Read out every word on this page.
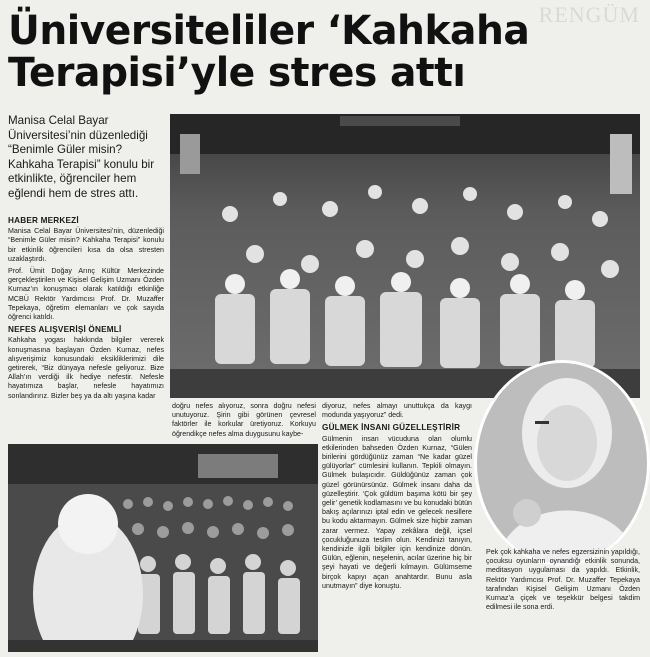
RENGÜM
Üniversiteliler ‘Kahkaha
Terapisi’yle stres attı

Manisa Celal Bayar Üniversitesi’nin düzenlediği “Benimle Güler misin? Kahkaha Terapisi” konulu bir etkinlikte, öğrenciler hem eğlendi hem de stres attı.

HABER MERKEZİ

Manisa Celal Bayar Üniversitesi’nin, düzenlediği “Benimle Güler misin? Kahkaha Terapisi” konulu bir etkinlik öğrencileri kısa da olsa stresten uzaklaştırdı.

Prof. Ümit Doğay Arınç Kültür Merkezinde gerçekleştirilen ve Kişisel Gelişim Uzmanı Özden Kurnaz’ın konuşmacı olarak katıldığı etkinliğe MCBÜ Rektör Yardımcısı Prof. Dr. Muzaffer Tepekaya, öğretim elemanları ve çok sayıda öğrenci katıldı.

NEFES ALIŞVERİŞİ ÖNEMLİ

Kahkaha yogası hakkında bilgiler vererek konuşmasına başlayan Özden Kurnaz, nefes alışverişimiz konusundaki eksikliklerimizi dile getirerek, “Biz dünyaya nefesle geliyoruz. Bize Allah’ın verdiği ilk hediye nefestir. Nefesle hayatımıza başlar, nefesle hayatımızı sonlandırırız. Bizler beş ya da altı yaşına kadar

doğru nefes alıyoruz, sonra doğru nefesi unutuyoruz. Şirin gibi görünen çevresel faktörler ile korkular üretiyoruz. Korkuyu öğrendikçe nefes alma duygusunu kaybe-

diyoruz, nefes almayı unuttukça da kaygı modunda yaşıyoruz” dedi.

GÜLMEK İNSANI GÜZELLEŞTİRİR

Gülmenin insan vücuduna olan olumlu etkilerinden bahseden Özden Kurnaz, “Gülen birilerini gördüğünüz zaman “Ne kadar güzel gülüyorlar” cümlesini kullanın. Tepkili olmayın. Gülmek bulaşıcıdır. Güldüğünüz zaman çok güzel görünürsünüz. Gülmek insanı daha da güzelleştirir. ‘Çok güldüm başıma kötü bir şey gelir’ genetik kodlamasını ve bu konudaki bütün bakış açılarınızı iptal edin ve gelecek nesillere bu kodu aktarmayın. Gülmek size hiçbir zaman zarar vermez. Yapay zekâlara değil, içsel çocukluğunuza teslim olun. Kendinizi tanıyın, kendinizle ilgili bilgiler için kendinize dönün. Gülün, eğlenin, neşelenin, acılar üzerine hiç bir şeyi hayati ve değerli kılmayın. Gülümseme birçok kapıyı açan anahtardır. Bunu asla unutmayın” diye konuştu.

Pek çok kahkaha ve nefes egzersizinin yapıldığı, çocuksu oyunların oynandığı etkinlik sonunda, meditasyon uygulaması da yapıldı. Etkinlik, Rektör Yardımcısı Prof. Dr. Muzaffer Tepekaya tarafından Kişisel Gelişim Uzmanı Özden Kurnaz’a çiçek ve teşekkür belgesi takdim edilmesi ile sona erdi.
